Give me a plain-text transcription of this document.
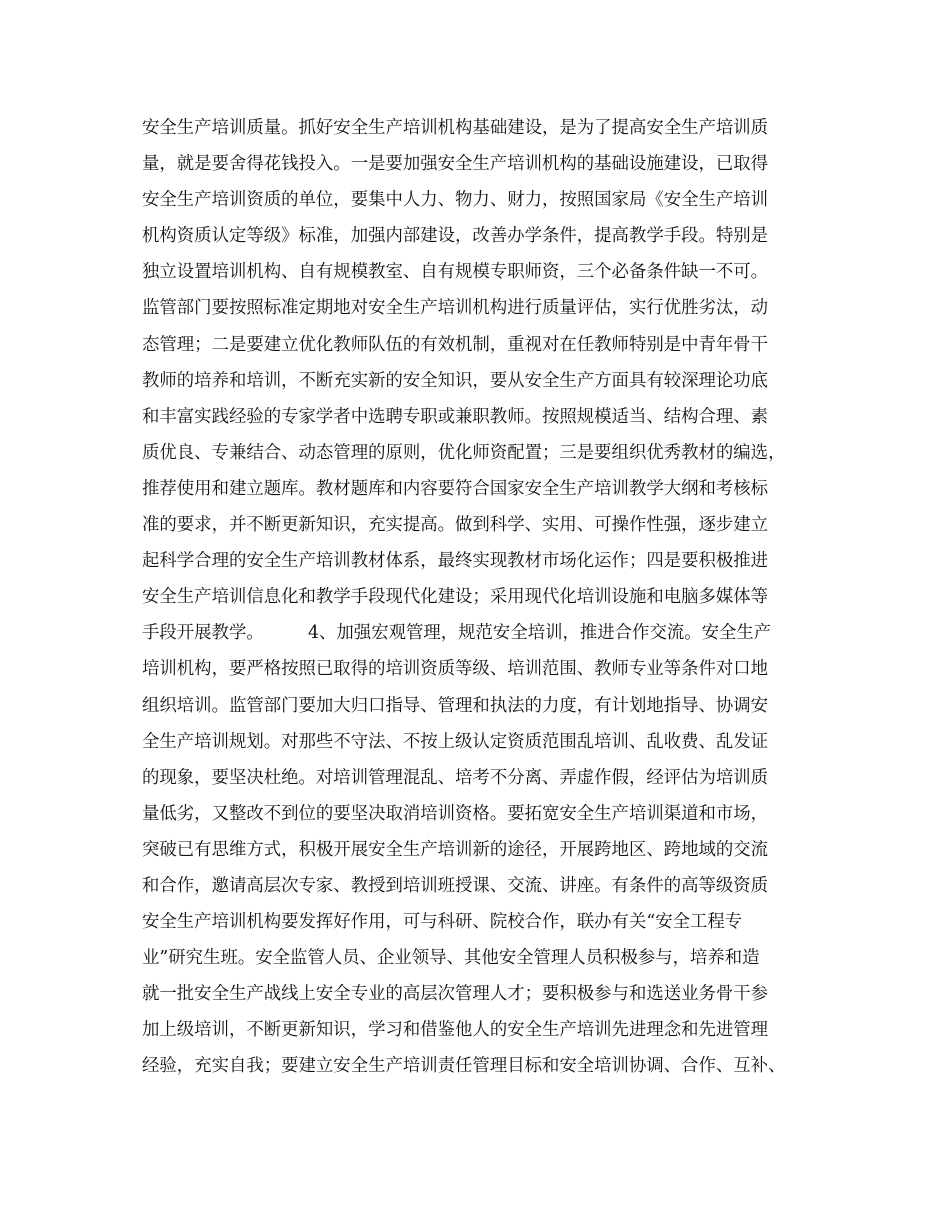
安全生产培训质量。抓好安全生产培训机构基础建设，是为了提高安全生产培训质
量，就是要舍得花钱投入。一是要加强安全生产培训机构的基础设施建设，已取得
安全生产培训资质的单位，要集中人力、物力、财力，按照国家局《安全生产培训
机构资质认定等级》标准，加强内部建设，改善办学条件，提高教学手段。特别是
独立设置培训机构、自有规模教室、自有规模专职师资，三个必备条件缺一不可。
监管部门要按照标准定期地对安全生产培训机构进行质量评估，实行优胜劣汰，动
态管理；二是要建立优化教师队伍的有效机制，重视对在任教师特别是中青年骨干
教师的培养和培训，不断充实新的安全知识，要从安全生产方面具有较深理论功底
和丰富实践经验的专家学者中选聘专职或兼职教师。按照规模适当、结构合理、素
质优良、专兼结合、动态管理的原则，优化师资配置；三是要组织优秀教材的编选，
推荐使用和建立题库。教材题库和内容要符合国家安全生产培训教学大纲和考核标
准的要求，并不断更新知识，充实提高。做到科学、实用、可操作性强，逐步建立
起科学合理的安全生产培训教材体系，最终实现教材市场化运作；四是要积极推进
安全生产培训信息化和教学手段现代化建设；采用现代化培训设施和电脑多媒体等
手段开展教学。        4、加强宏观管理，规范安全培训，推进合作交流。安全生产
培训机构，要严格按照已取得的培训资质等级、培训范围、教师专业等条件对口地
组织培训。监管部门要加大归口指导、管理和执法的力度，有计划地指导、协调安
全生产培训规划。对那些不守法、不按上级认定资质范围乱培训、乱收费、乱发证
的现象，要坚决杜绝。对培训管理混乱、培考不分离、弄虚作假，经评估为培训质
量低劣，又整改不到位的要坚决取消培训资格。要拓宽安全生产培训渠道和市场，
突破已有思维方式，积极开展安全生产培训新的途径，开展跨地区、跨地域的交流
和合作，邀请高层次专家、教授到培训班授课、交流、讲座。有条件的高等级资质
安全生产培训机构要发挥好作用，可与科研、院校合作，联办有关“安全工程专
业”研究生班。安全监管人员、企业领导、其他安全管理人员积极参与，培养和造
就一批安全生产战线上安全专业的高层次管理人才；要积极参与和选送业务骨干参
加上级培训，不断更新知识，学习和借鉴他人的安全生产培训先进理念和先进管理
经验，充实自我；要建立安全生产培训责任管理目标和安全培训协调、合作、互补、
